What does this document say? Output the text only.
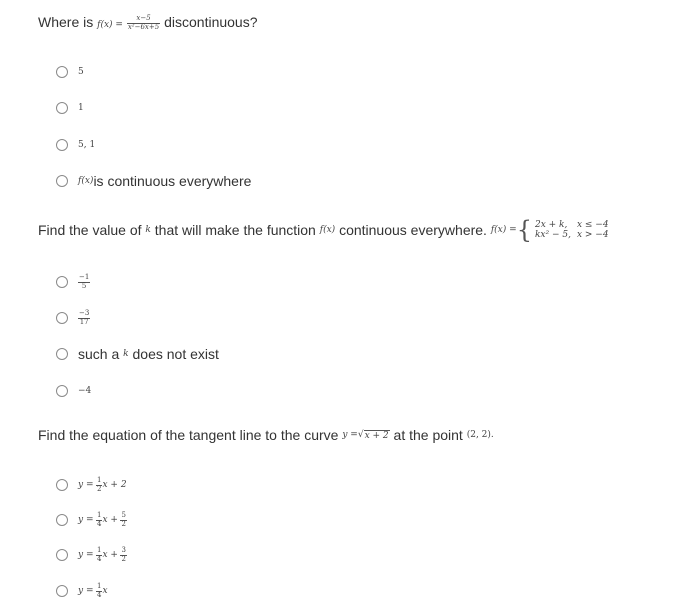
Where is $f(x) = \frac{x-5}{\text{x²−6x+5}}$ discontinuous?
5
1
5, 1
f(x) is continuous everywhere
Find the value of
k
that will make the function
f(x)
continuous everywhere.
f(x) = { 2x + k,	x ≤ −4
kx² − 5,	x > −4
$\frac{-1}{5}$
$\frac{-3}{17}$
such a
k
does not exist
−4
Find the equation of the tangent line to the curve
y = √ x + 2
at the point
(2, 2).
y =
$\frac{1}{2}$ x + 2
y =
$\frac{1}{4}$ x +
$\frac{5}{2}$
y =
$\frac{1}{4}$ x +
$\frac{3}{2}$
y =
$\frac{1}{4}$ x
